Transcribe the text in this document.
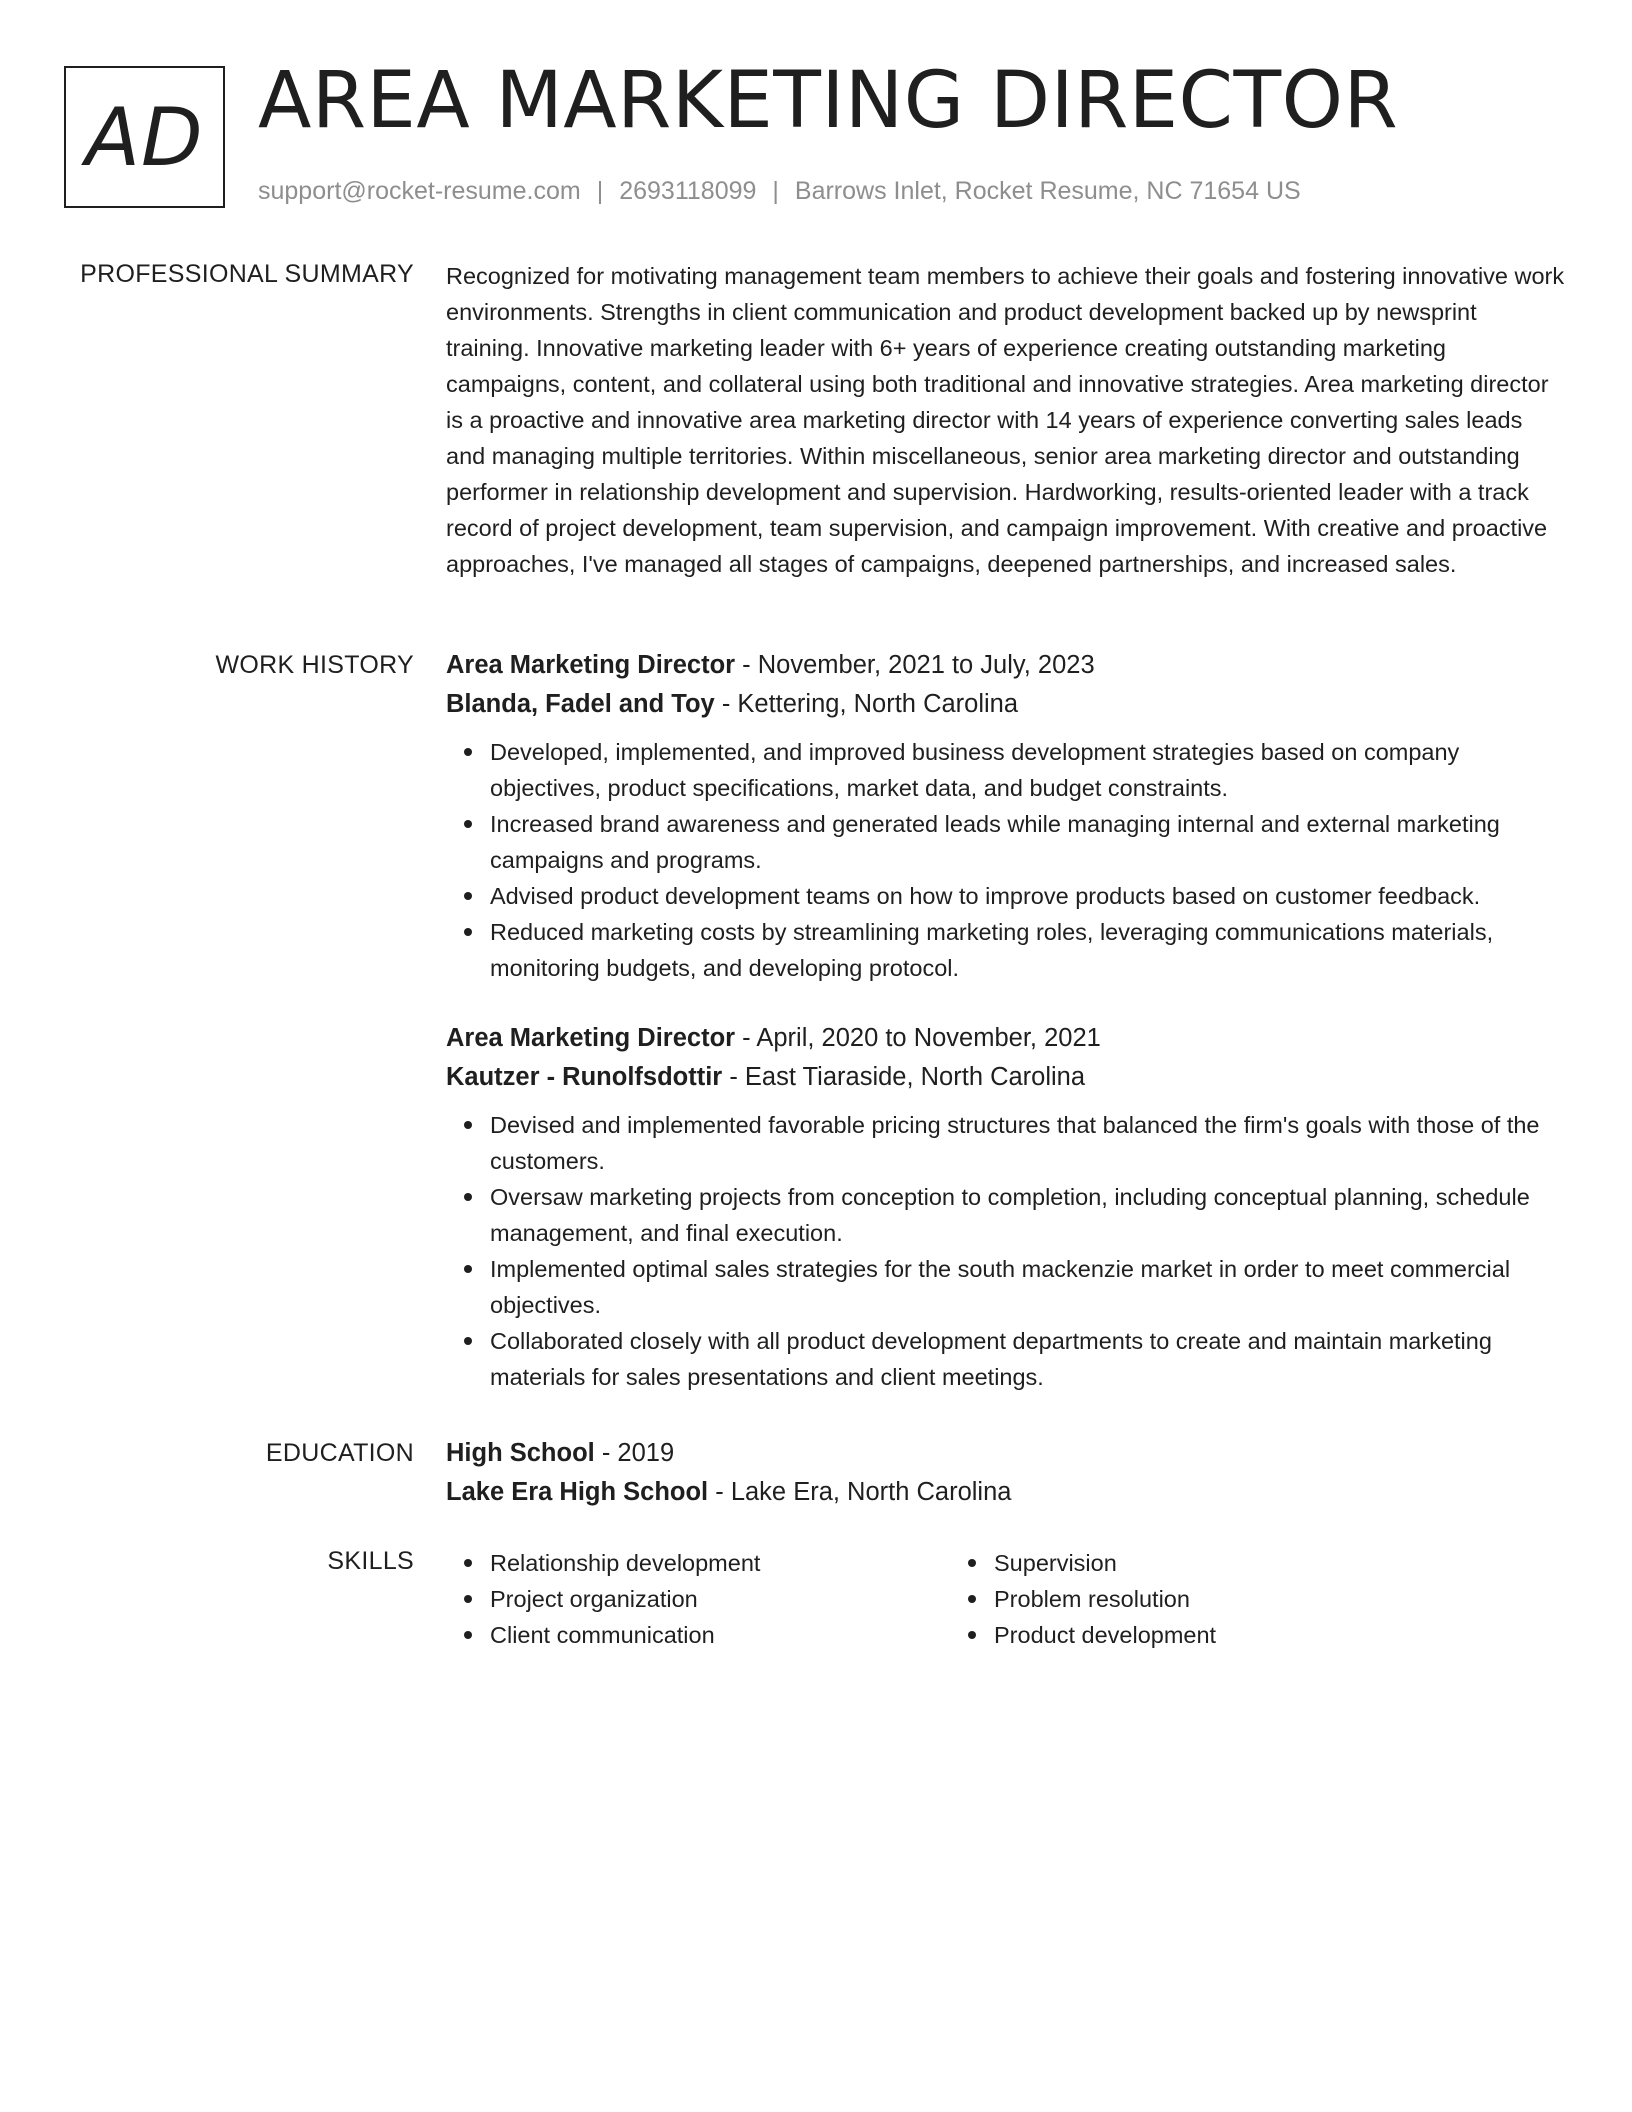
AD AREA MARKETING DIRECTOR
support@rocket-resume.com | 2693118099 | Barrows Inlet, Rocket Resume, NC 71654 US
PROFESSIONAL SUMMARY Recognized for motivating management team members to achieve their goals and fostering innovative work environments. Strengths in client communication and product development backed up by newsprint training. Innovative marketing leader with 6+ years of experience creating outstanding marketing campaigns, content, and collateral using both traditional and innovative strategies. Area marketing director is a proactive and innovative area marketing director with 14 years of experience converting sales leads and managing multiple territories. Within miscellaneous, senior area marketing director and outstanding performer in relationship development and supervision. Hardworking, results-oriented leader with a track record of project development, team supervision, and campaign improvement. With creative and proactive approaches, I've managed all stages of campaigns, deepened partnerships, and increased sales.

WORK HISTORY Area Marketing Director - November, 2021 to July, 2023
Blanda, Fadel and Toy - Kettering, North Carolina
Developed, implemented, and improved business development strategies based on company objectives, product specifications, market data, and budget constraints.
Increased brand awareness and generated leads while managing internal and external marketing campaigns and programs.
Advised product development teams on how to improve products based on customer feedback.
Reduced marketing costs by streamlining marketing roles, leveraging communications materials, monitoring budgets, and developing protocol.
Area Marketing Director - April, 2020 to November, 2021
Kautzer - Runolfsdottir - East Tiaraside, North Carolina
Devised and implemented favorable pricing structures that balanced the firm's goals with those of the customers.
Oversaw marketing projects from conception to completion, including conceptual planning, schedule management, and final execution.
Implemented optimal sales strategies for the south mackenzie market in order to meet commercial objectives.
Collaborated closely with all product development departments to create and maintain marketing materials for sales presentations and client meetings.
EDUCATION High School - 2019
Lake Era High School - Lake Era, North Carolina
SKILLS	Relationship development
Project organization
Client communication
Supervision
Problem resolution
Product development
